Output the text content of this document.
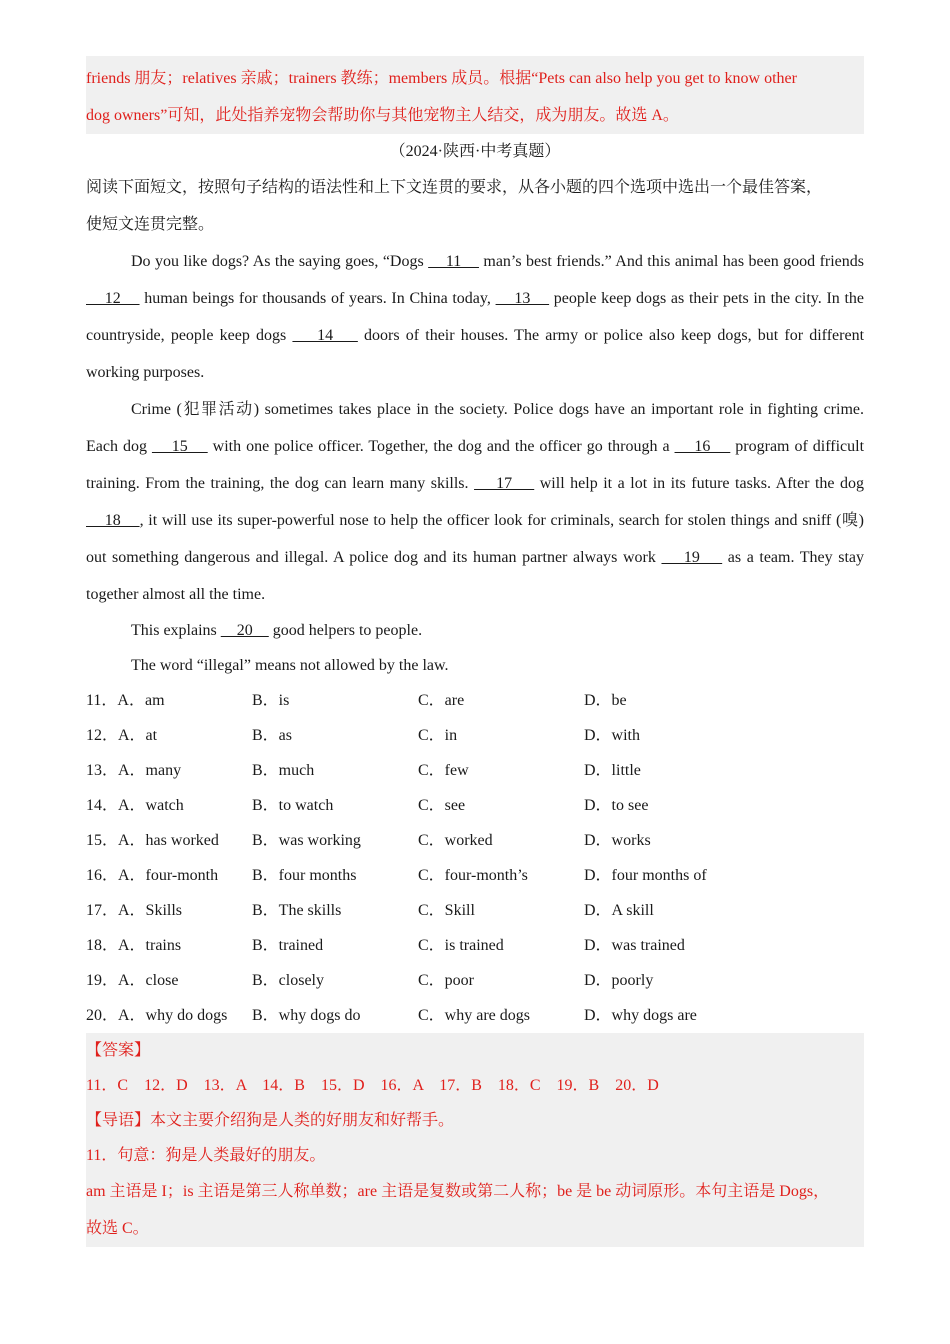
friends 朋友；relatives 亲戚；trainers 教练；members 成员。根据“Pets can also help you get to know other
dog owners”可知，此处指养宠物会帮助你与其他宠物主人结交，成为朋友。故选 A。
（2024·陕西·中考真题）
阅读下面短文，按照句子结构的语法性和上下文连贯的要求，从各小题的四个选项中选出一个最佳答案，
使短文连贯完整。

Do you like dogs? As the saying goes, “Dogs     11     man’s best friends.” And this animal has been good friends     12     human beings for thousands of years. In China today,     13     people keep dogs as their pets in the city. In the countryside, people keep dogs     14     doors of their houses. The army or police also keep dogs, but for different working purposes.

Crime (犯罪活动) sometimes takes place in the society. Police dogs have an important role in fighting crime. Each dog     15     with one police officer. Together, the dog and the officer go through a     16     program of difficult training. From the training, the dog can learn many skills.     17     will help it a lot in its future tasks. After the dog     18    , it will use its super-powerful nose to help the officer look for criminals, search for stolen things and sniff (嗅) out something dangerous and illegal. A police dog and its human partner always work     19     as a team. They stay together almost all the time.

This explains     20     good helpers to people.

The word “illegal” means not allowed by the law.

11．A．am	B．is	C．are	D．be
12．A．at	B．as	C．in	D．with
13．A．many	B．much	C．few	D．little
14．A．watch	B．to watch	C．see	D．to see
15．A．has worked	B．was working	C．worked	D．works
16．A．four-month	B．four months	C．four-month’s	D．four months of
17．A．Skills	B．The skills	C．Skill	D．A skill
18．A．trains	B．trained	C．is trained	D．was trained
19．A．close	B．closely	C．poor	D．poorly
20．A．why do dogs	B．why dogs do	C．why are dogs	D．why dogs are
【答案】
11．C    12．D    13．A    14．B    15．D    16．A    17．B    18．C    19．B    20．D
【导语】本文主要介绍狗是人类的好朋友和好帮手。
11．句意：狗是人类最好的朋友。
am 主语是 I；is 主语是第三人称单数；are 主语是复数或第二人称；be 是 be 动词原形。本句主语是 Dogs，
故选 C。
